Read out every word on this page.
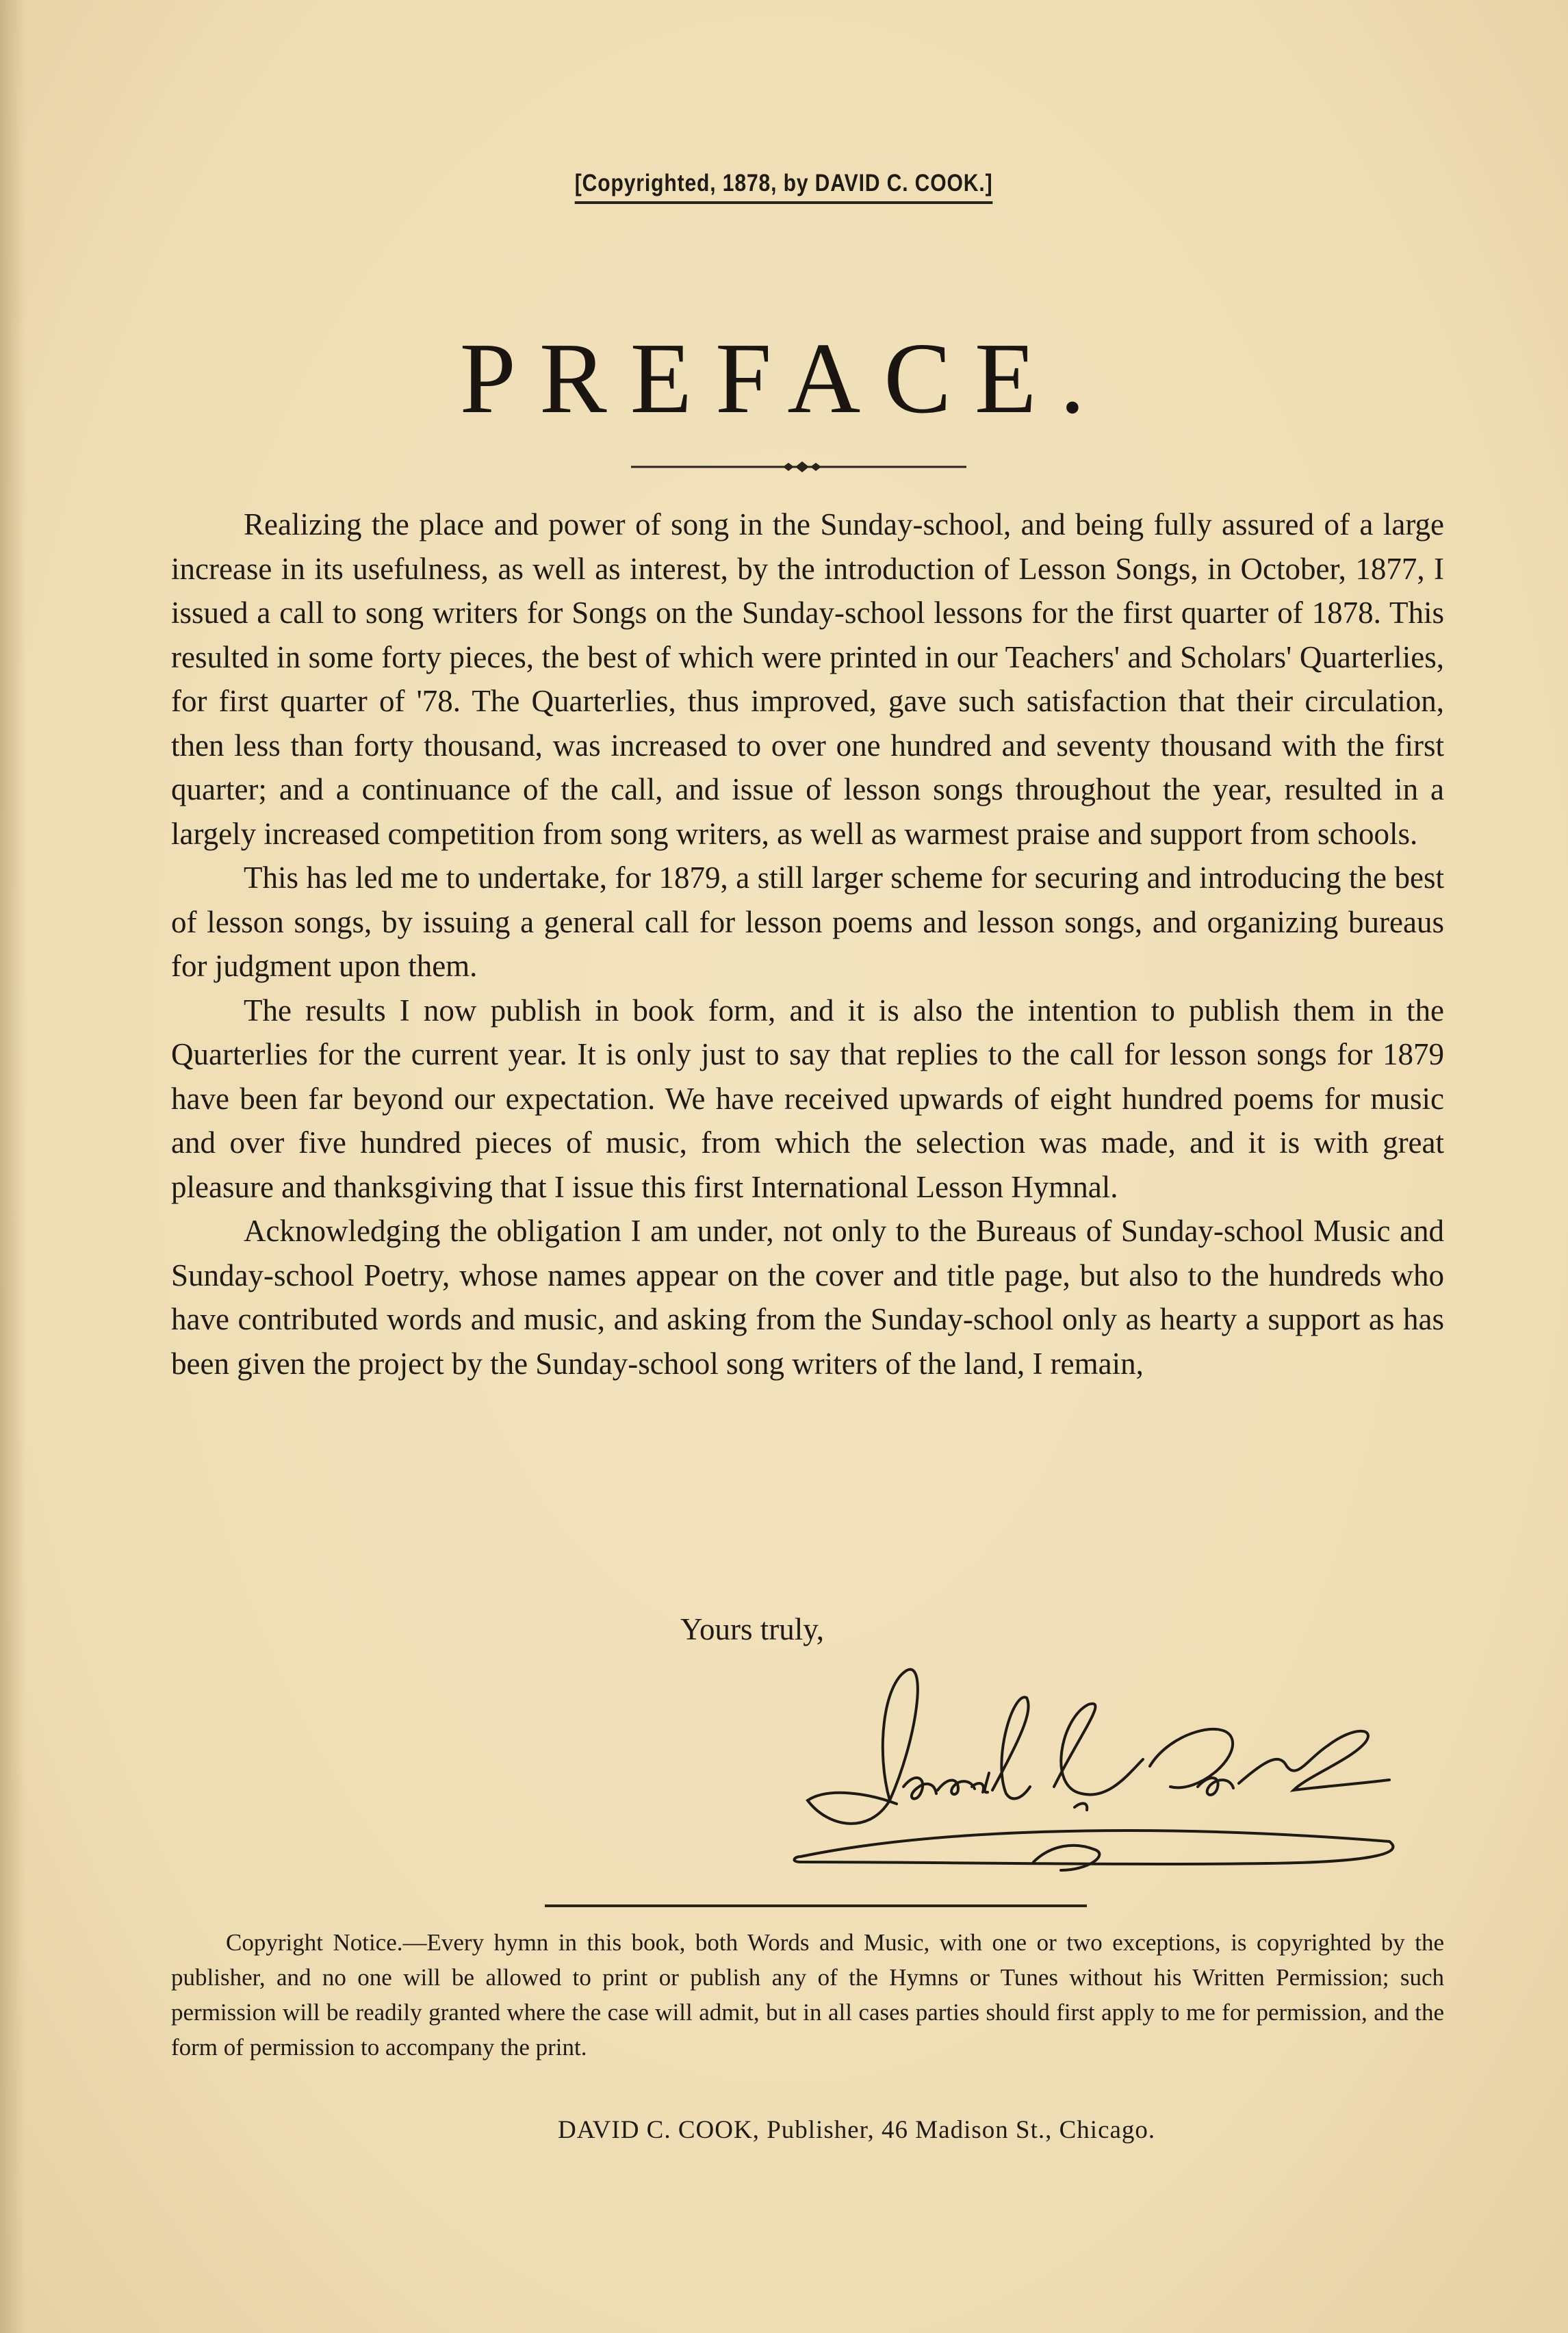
[Copyrighted, 1878, by DAVID C. COOK.]
PREFACE.

Realizing the place and power of song in the Sunday-school, and being fully assured of a large increase in its usefulness, as well as interest, by the introduction of Lesson Songs, in October, 1877, I issued a call to song writers for Songs on the Sunday-school lessons for the first quarter of 1878. This resulted in some forty pieces, the best of which were printed in our Teachers' and Scholars' Quarterlies, for first quarter of '78. The Quarterlies, thus improved, gave such satisfaction that their circulation, then less than forty thousand, was increased to over one hundred and seventy thousand with the first quarter; and a continuance of the call, and issue of lesson songs throughout the year, resulted in a largely increased competition from song writers, as well as warmest praise and support from schools.

This has led me to undertake, for 1879, a still larger scheme for securing and introducing the best of lesson songs, by issuing a general call for lesson poems and lesson songs, and organizing bureaus for judgment upon them.

The results I now publish in book form, and it is also the intention to publish them in the Quarterlies for the current year. It is only just to say that replies to the call for lesson songs for 1879 have been far beyond our expectation. We have received upwards of eight hundred poems for music and over five hundred pieces of music, from which the selection was made, and it is with great pleasure and thanksgiving that I issue this first International Lesson Hymnal.

Acknowledging the obligation I am under, not only to the Bureaus of Sunday-school Music and Sunday-school Poetry, whose names appear on the cover and title page, but also to the hundreds who have contributed words and music, and asking from the Sunday-school only as hearty a support as has been given the project by the Sunday-school song writers of the land, I remain,

Yours truly,

Copyright Notice.—Every hymn in this book, both Words and Music, with one or two exceptions, is copyrighted by the publisher, and no one will be allowed to print or publish any of the Hymns or Tunes without his Written Permission; such permission will be readily granted where the case will admit, but in all cases parties should first apply to me for permission, and the form of permission to accompany the print.

DAVID C. COOK, Publisher, 46 Madison St., Chicago.
